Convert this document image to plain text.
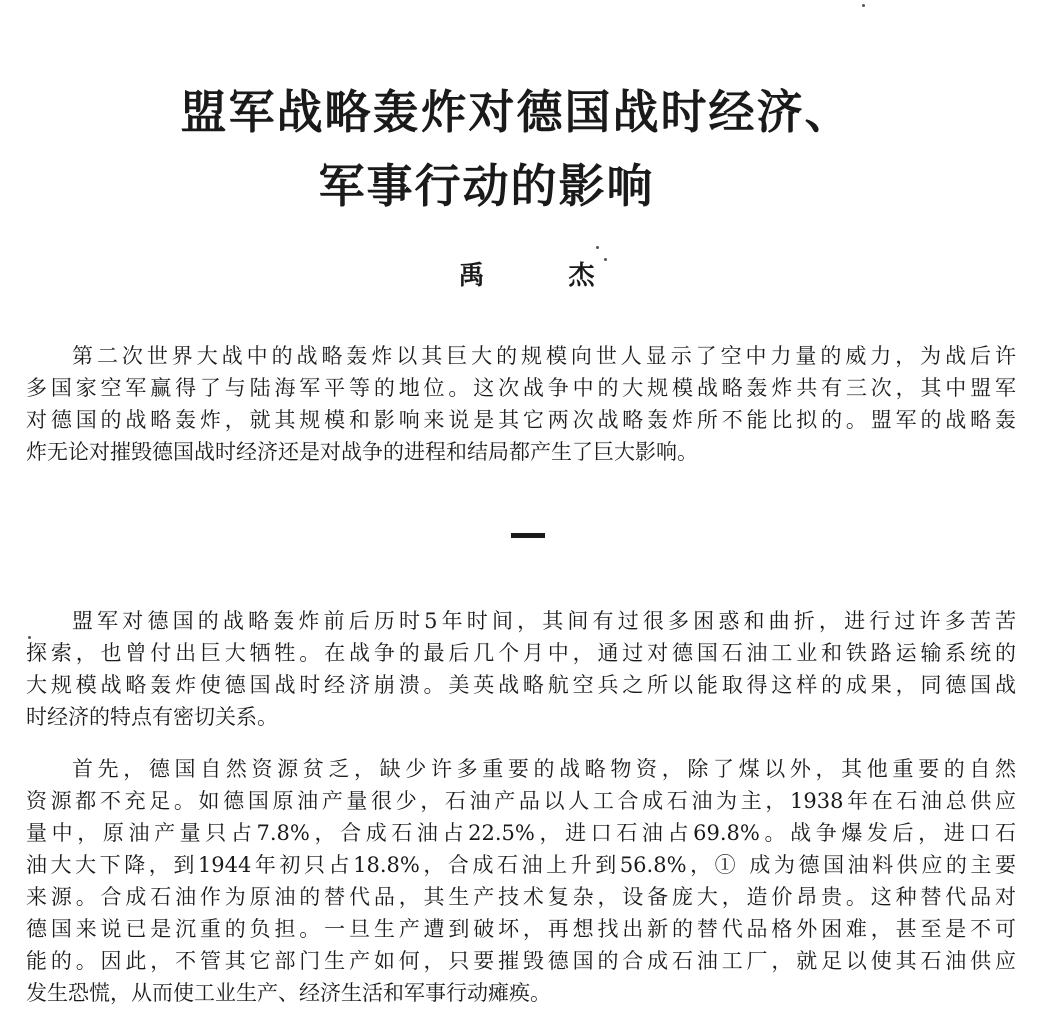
盟军战略轰炸对德国战时经济、
军事行动的影响
禹	杰
第二次世界大战中的战略轰炸以其巨大的规模向世人显示了空中力量的威力，为战后许
多国家空军赢得了与陆海军平等的地位。这次战争中的大规模战略轰炸共有三次，其中盟军
对德国的战略轰炸，就其规模和影响来说是其它两次战略轰炸所不能比拟的。盟军的战略轰
炸无论对摧毁德国战时经济还是对战争的进程和结局都产生了巨大影响。
盟军对德国的战略轰炸前后历时5年时间，其间有过很多困惑和曲折，进行过许多苦苦
探索，也曾付出巨大牺牲。在战争的最后几个月中，通过对德国石油工业和铁路运输系统的
大规模战略轰炸使德国战时经济崩溃。美英战略航空兵之所以能取得这样的成果，同德国战
时经济的特点有密切关系。
首先，德国自然资源贫乏，缺少许多重要的战略物资，除了煤以外，其他重要的自然
资源都不充足。如德国原油产量很少，石油产品以人工合成石油为主，1938年在石油总供应
量中，原油产量只占7.8%，合成石油占22.5%，进口石油占69.8%。战争爆发后，进口石
油大大下降，到1944年初只占18.8%，合成石油上升到56.8%，① 成为德国油料供应的主要
来源。合成石油作为原油的替代品，其生产技术复杂，设备庞大，造价昂贵。这种替代品对
德国来说已是沉重的负担。一旦生产遭到破坏，再想找出新的替代品格外困难，甚至是不可
能的。因此，不管其它部门生产如何，只要摧毁德国的合成石油工厂，就足以使其石油供应
发生恐慌，从而使工业生产、经济生活和军事行动瘫痪。
